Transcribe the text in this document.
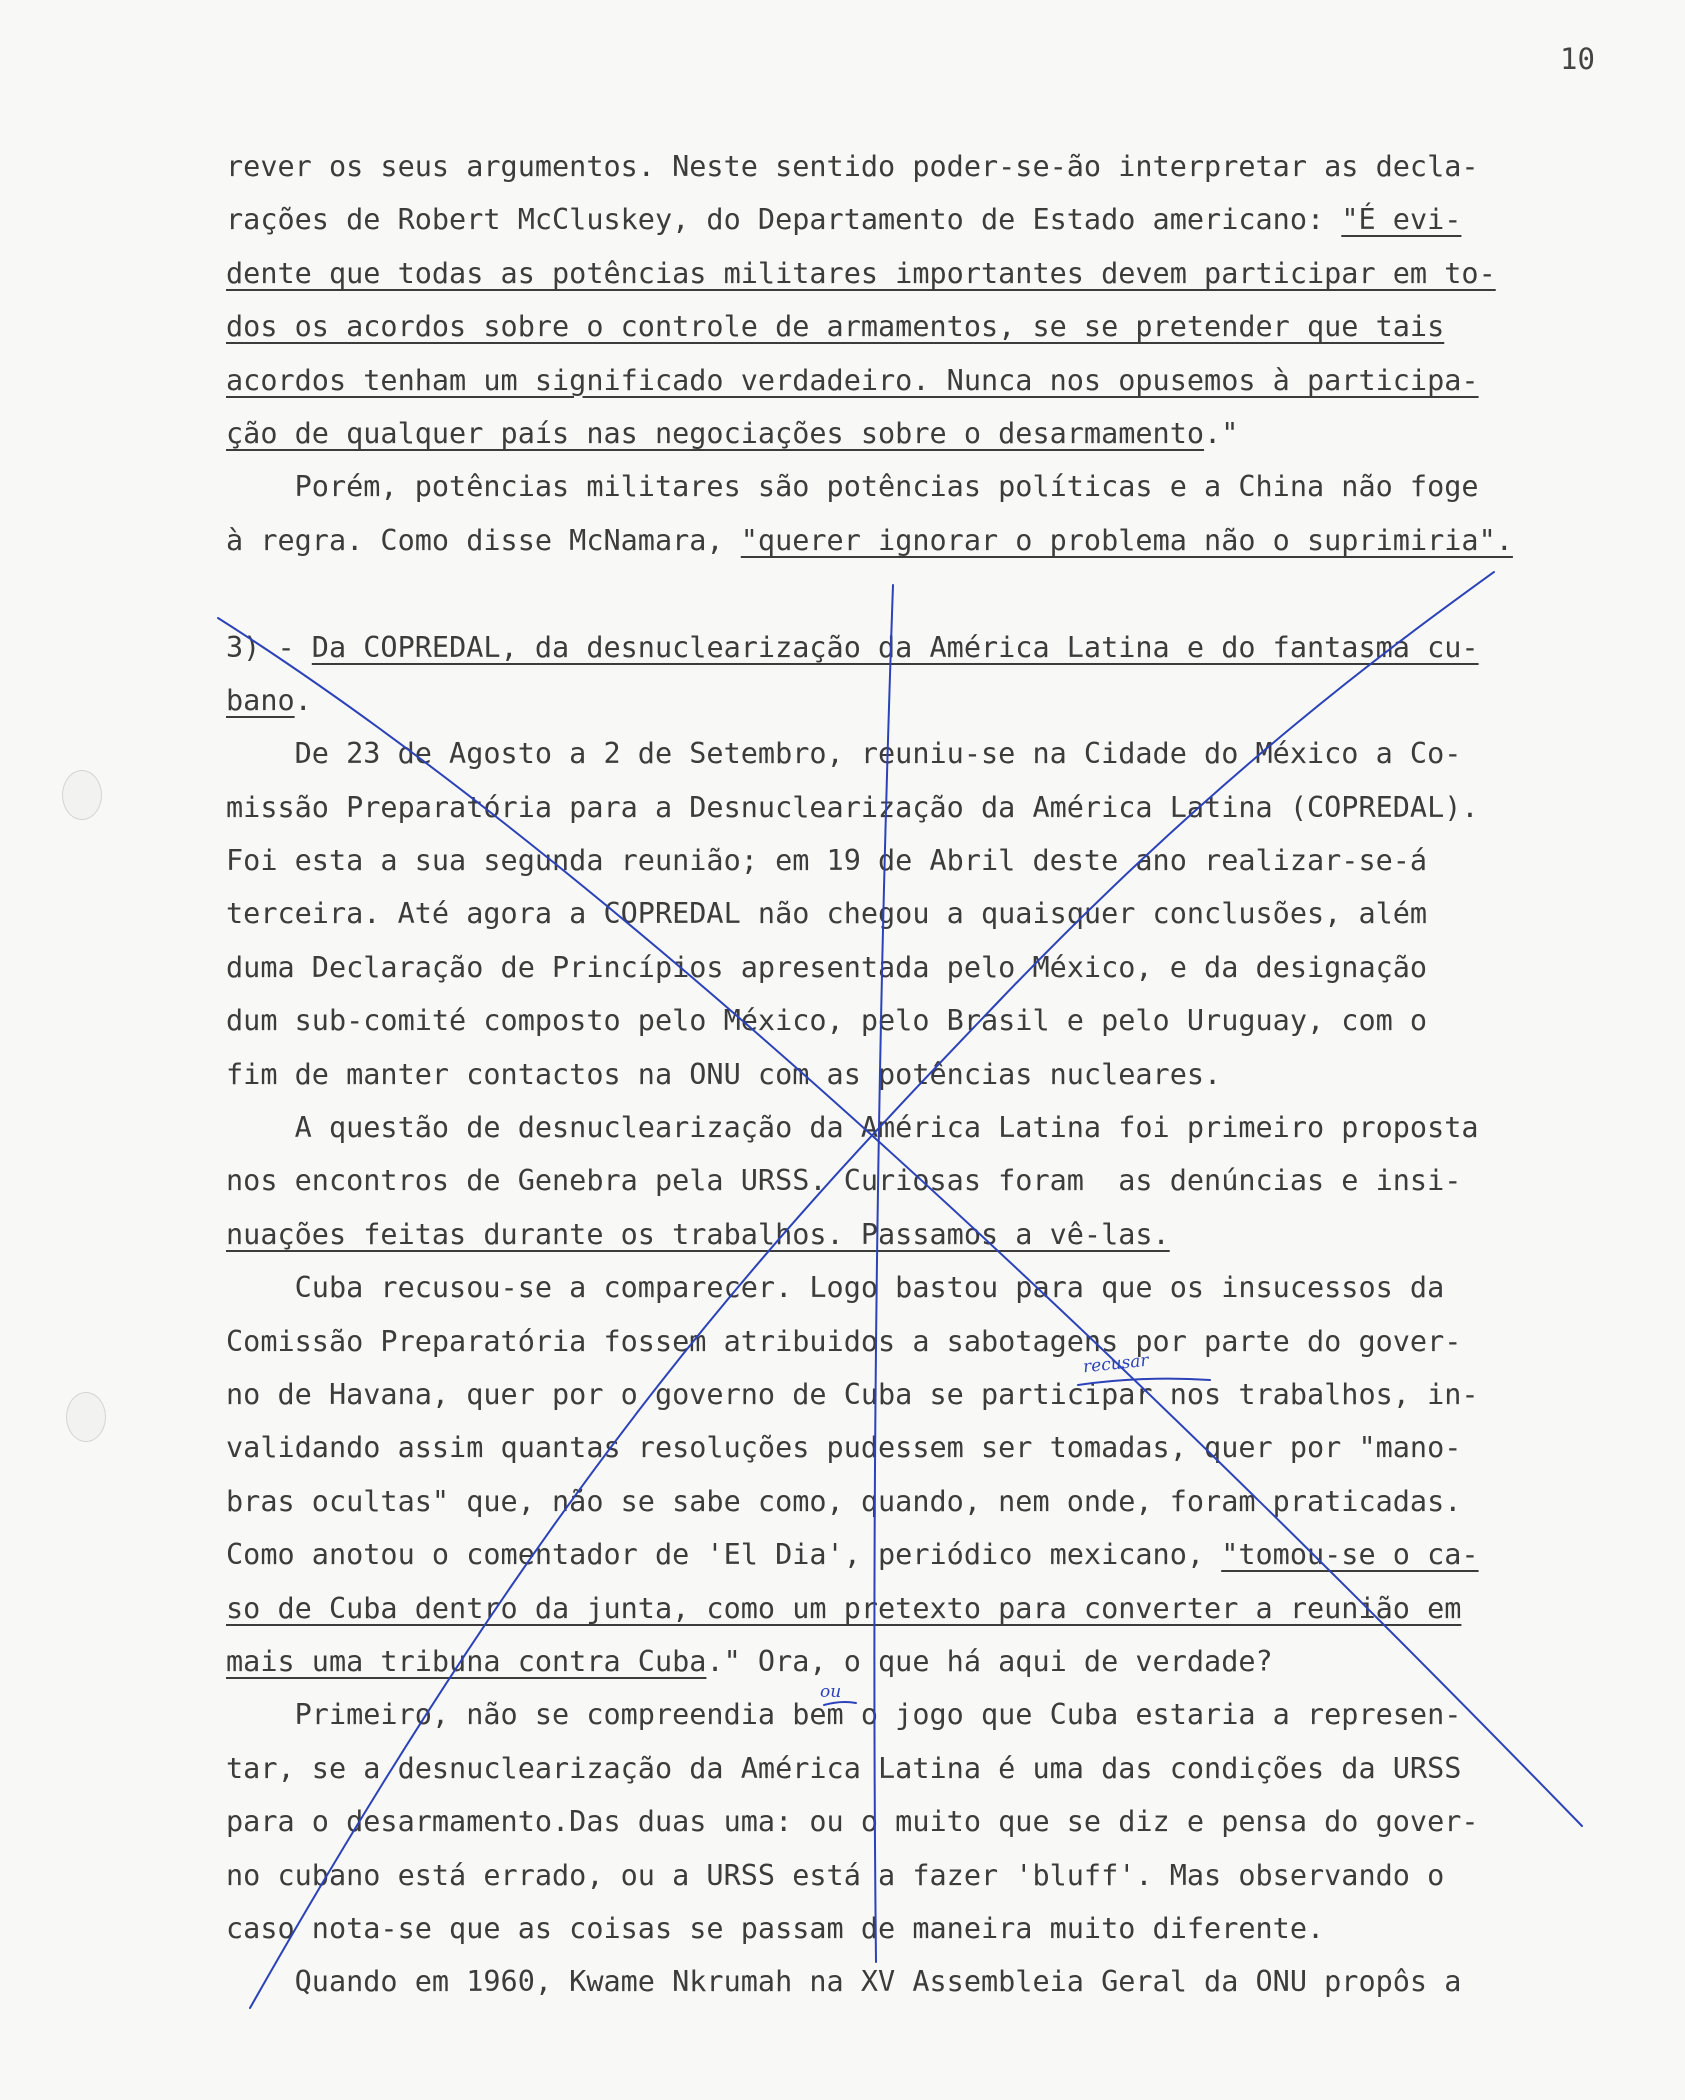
10
rever os seus argumentos. Neste sentido poder-se-ão interpretar as decla-
rações de Robert McCluskey, do Departamento de Estado americano: "É evi-
dente que todas as potências militares importantes devem participar em to-
dos os acordos sobre o controle de armamentos, se se pretender que tais
acordos tenham um significado verdadeiro. Nunca nos opusemos à participa-
ção de qualquer país nas negociações sobre o desarmamento."
Porém, potências militares são potências políticas e a China não foge
à regra. Como disse McNamara, "querer ignorar o problema não o suprimiria".
3) - Da COPREDAL, da desnuclearização da América Latina e do fantasma cu-
bano.
De 23 de Agosto a 2 de Setembro, reuniu-se na Cidade do México a Co-
missão Preparatória para a Desnuclearização da América Latina (COPREDAL).
Foi esta a sua segunda reunião; em 19 de Abril deste ano realizar-se-á
terceira. Até agora a COPREDAL não chegou a quaisquer conclusões, além
duma Declaração de Princípios apresentada pelo México, e da designação
dum sub-comité composto pelo México, pelo Brasil e pelo Uruguay, com o
fim de manter contactos na ONU com as potências nucleares.
A questão de desnuclearização da América Latina foi primeiro proposta
nos encontros de Genebra pela URSS. Curiosas foram  as denúncias e insi-
nuações feitas durante os trabalhos. Passamos a vê-las.
Cuba recusou-se a comparecer. Logo bastou para que os insucessos da
Comissão Preparatória fossem atribuidos a sabotagens por parte do gover-
no de Havana, quer por o governo de Cuba se participar nos trabalhos, in-
validando assim quantas resoluções pudessem ser tomadas, quer por "mano-
bras ocultas" que, não se sabe como, quando, nem onde, foram praticadas.
Como anotou o comentador de 'El Dia', periódico mexicano, "tomou-se o ca-
so de Cuba dentro da junta, como um pretexto para converter a reunião em
mais uma tribuna contra Cuba." Ora, o que há aqui de verdade?
Primeiro, não se compreendia bem o jogo que Cuba estaria a represen-
tar, se a desnuclearização da América Latina é uma das condições da URSS
para o desarmamento.Das duas uma: ou o muito que se diz e pensa do gover-
no cubano está errado, ou a URSS está a fazer 'bluff'. Mas observando o
caso nota-se que as coisas se passam de maneira muito diferente.
Quando em 1960, Kwame Nkrumah na XV Assembleia Geral da ONU propôs a
recusar
ou
